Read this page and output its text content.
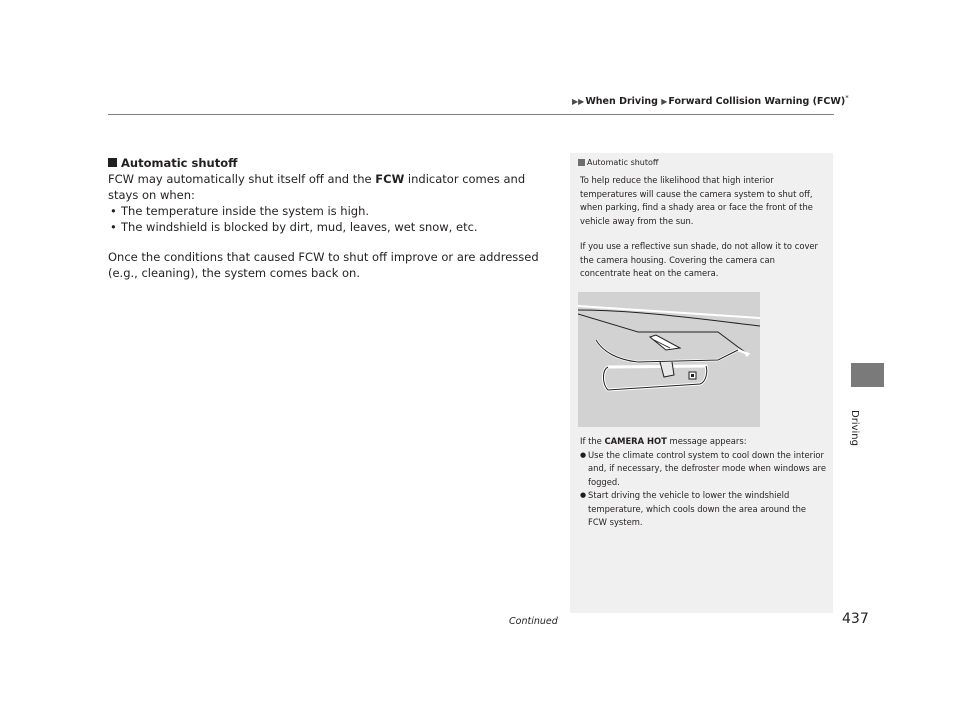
▶▶When Driving ▶Forward Collision Warning (FCW)*
Automatic shutoff

FCW may automatically shut itself off and the FCW indicator comes and stays on when:

• The temperature inside the system is high.
• The windshield is blocked by dirt, mud, leaves, wet snow, etc.

Once the conditions that caused FCW to shut off improve or are addressed (e.g., cleaning), the system comes back on.

Automatic shutoff

To help reduce the likelihood that high interior temperatures will cause the camera system to shut off, when parking, find a shady area or face the front of the vehicle away from the sun.

If you use a reflective sun shade, do not allow it to cover the camera housing. Covering the camera can concentrate heat on the camera.

If the CAMERA HOT message appears:

● Use the climate control system to cool down the interior and, if necessary, the defroster mode when windows are fogged.
● Start driving the vehicle to lower the windshield temperature, which cools down the area around the FCW system.
Driving
Continued	437
